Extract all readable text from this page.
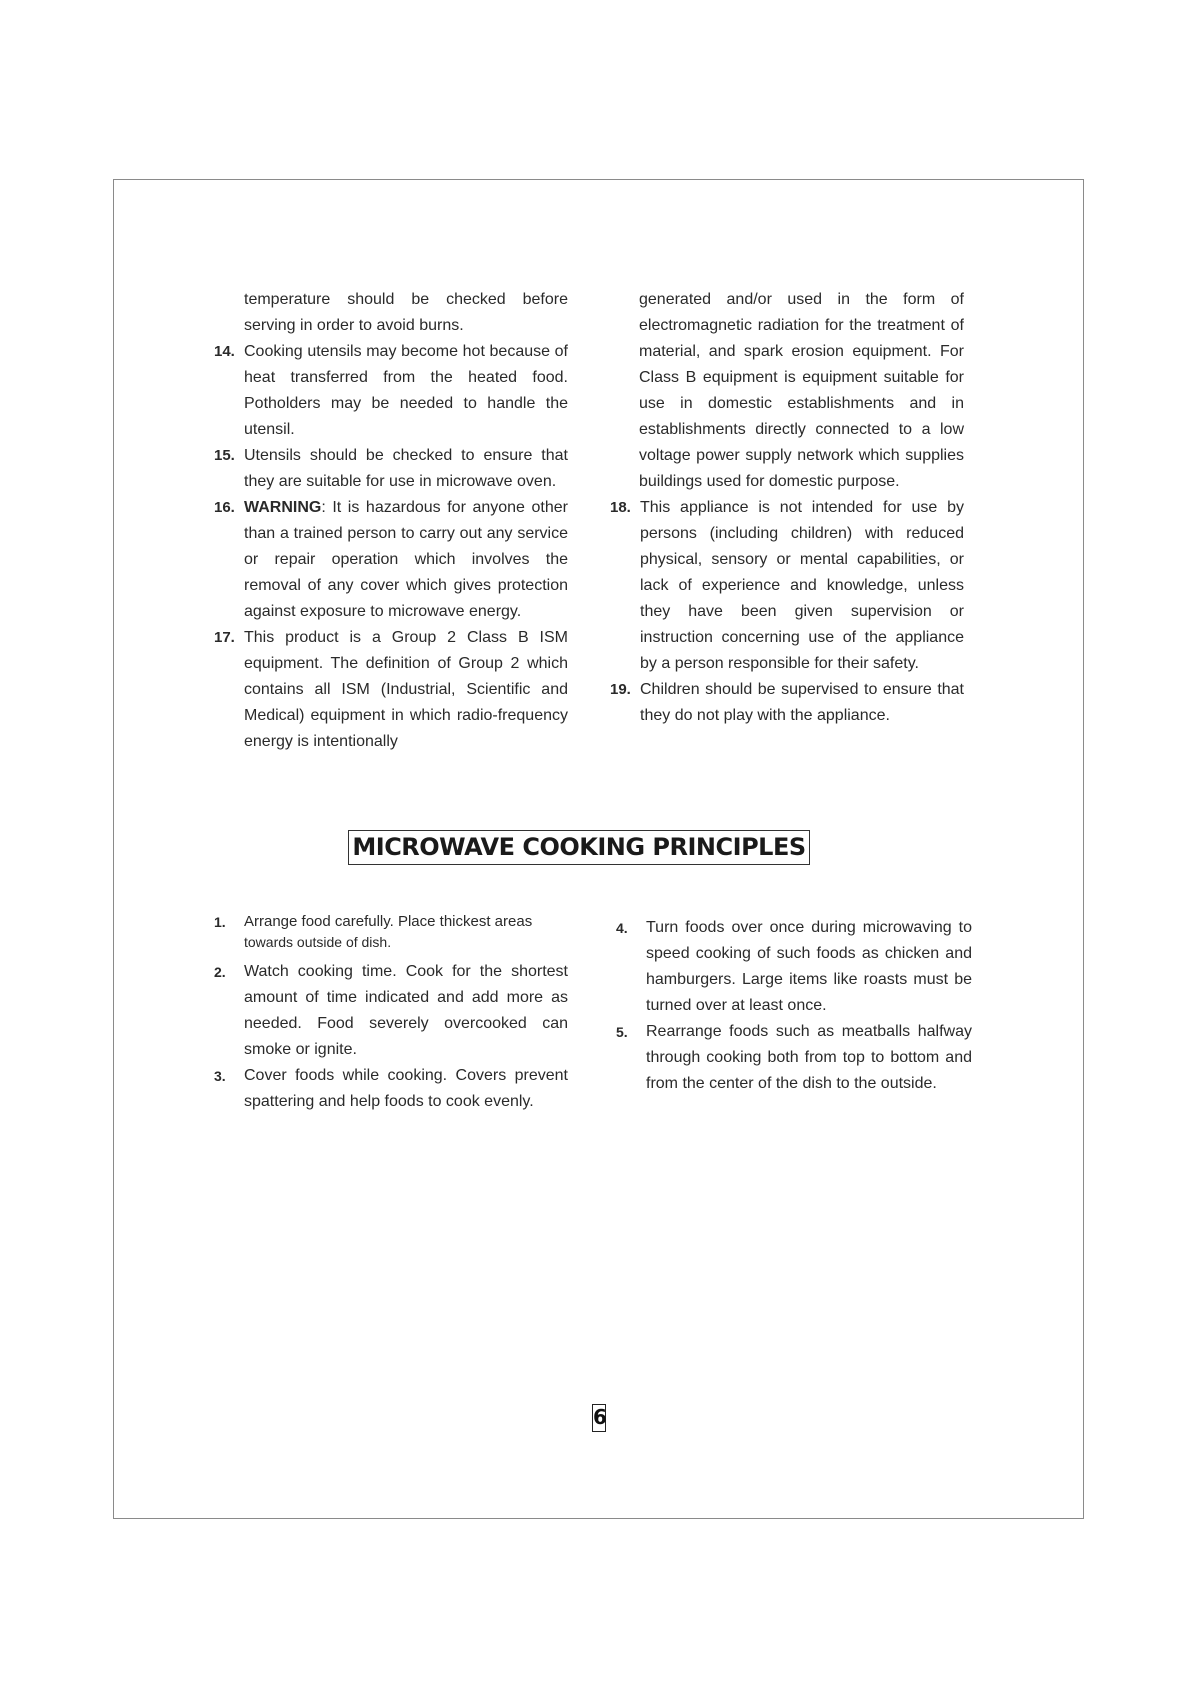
temperature should be checked before serving in order to avoid burns.

14. Cooking utensils may become hot because of heat transferred from the heated food. Potholders may be needed to handle the utensil.

15. Utensils should be checked to ensure that they are suitable for use in microwave oven.

16. WARNING: It is hazardous for anyone other than a trained person to carry out any service or repair operation which involves the removal of any cover which gives protection against exposure to microwave energy.

17. This product is a Group 2 Class B ISM equipment. The definition of Group 2 which contains all ISM (Industrial, Scientific and Medical) equipment in which radio-frequency energy is intentionally

generated and/or used in the form of electromagnetic radiation for the treatment of material, and spark erosion equipment. For Class B equipment is equipment suitable for use in domestic establishments and in establishments directly connected to a low voltage power supply network which supplies buildings used for domestic purpose.

18. This appliance is not intended for use by persons (including children) with reduced physical, sensory or mental capabilities, or lack of experience and knowledge, unless they have been given supervision or instruction concerning use of the appliance by a person responsible for their safety.

19. Children should be supervised to ensure that they do not play with the appliance.

MICROWAVE COOKING PRINCIPLES

1. Arrange food carefully. Place thickest areas
towards outside of dish.

2. Watch cooking time. Cook for the shortest amount of time indicated and add more as needed. Food severely overcooked can smoke or ignite.

3. Cover foods while cooking. Covers prevent spattering and help foods to cook evenly.

4. Turn foods over once during microwaving to speed cooking of such foods as chicken and hamburgers. Large items like roasts must be turned over at least once.

5. Rearrange foods such as meatballs halfway through cooking both from top to bottom and from the center of the dish to the outside.

6
